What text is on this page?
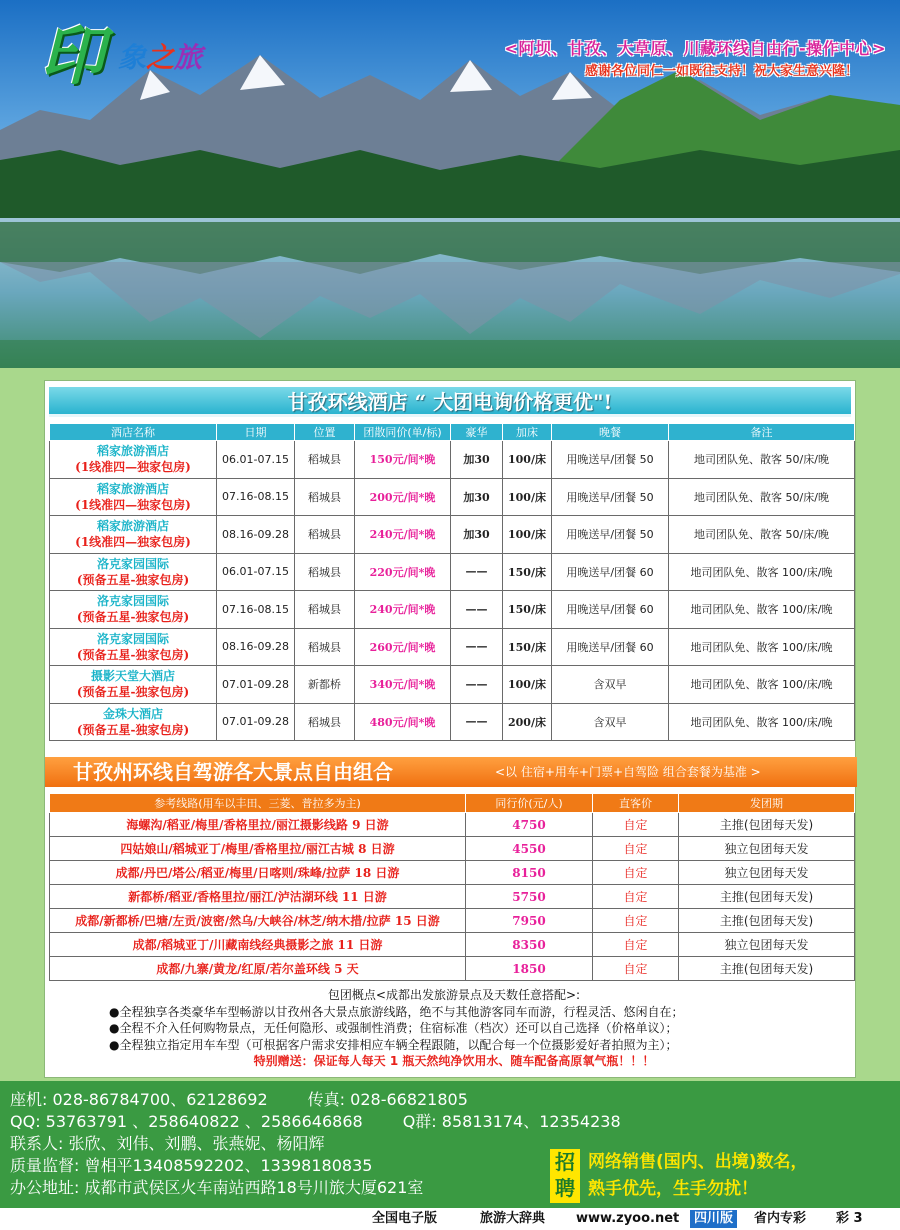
印 象之旅	<阿坝、甘孜、大草原、川藏环线自由行-操作中心>
感谢各位同仁一如既往支持！祝大家生意兴隆！
甘孜环线酒店 “ 大团电询价格更优"!
酒店名称	日期	位置	团散同价(单/标)	豪华	加床	晚餐	备注

稻家旅游酒店
(1线准四—独家包房)	06.01-07.15	稻城县	150元/间*晚	加30	100/床	用晚送早/团餐 50	地司团队免、散客 50/床/晚

稻家旅游酒店
(1线准四—独家包房)	07.16-08.15	稻城县	200元/间*晚	加30	100/床	用晚送早/团餐 50	地司团队免、散客 50/床/晚

稻家旅游酒店
(1线准四—独家包房)	08.16-09.28	稻城县	240元/间*晚	加30	100/床	用晚送早/团餐 50	地司团队免、散客 50/床/晚

洛克家园国际
(预备五星-独家包房)	06.01-07.15	稻城县	220元/间*晚	——	150/床	用晚送早/团餐 60	地司团队免、散客 100/床/晚

洛克家园国际
(预备五星-独家包房)	07.16-08.15	稻城县	240元/间*晚	——	150/床	用晚送早/团餐 60	地司团队免、散客 100/床/晚

洛克家园国际
(预备五星-独家包房)	08.16-09.28	稻城县	260元/间*晚	——	150/床	用晚送早/团餐 60	地司团队免、散客 100/床/晚

摄影天堂大酒店
(预备五星-独家包房)	07.01-09.28	新都桥	340元/间*晚	——	100/床	含双早	地司团队免、散客 100/床/晚

金珠大酒店
(预备五星-独家包房)	07.01-09.28	稻城县	480元/间*晚	——	200/床	含双早	地司团队免、散客 100/床/晚
甘孜州环线自驾游各大景点自由组合	<以 住宿+用车+门票+自驾险 组合套餐为基准 >
参考线路(用车以丰田、三菱、普拉多为主)	同行价(元/人)	直客价	发团期
海螺沟/稻亚/梅里/香格里拉/丽江摄影线路 9 日游	4750	自定	主推(包团每天发)
四姑娘山/稻城亚丁/梅里/香格里拉/丽江古城 8 日游	4550	自定	独立包团每天发
成都/丹巴/塔公/稻亚/梅里/日喀则/珠峰/拉萨 18 日游	8150	自定	独立包团每天发
新都桥/稻亚/香格里拉/丽江/泸沽湖环线 11 日游	5750	自定	主推(包团每天发)
成都/新都桥/巴塘/左贡/波密/然乌/大峡谷/林芝/纳木措/拉萨 15 日游	7950	自定	主推(包团每天发)
成都/稻城亚丁/川藏南线经典摄影之旅 11 日游	8350	自定	独立包团每天发
成都/九寨/黄龙/红原/若尔盖环线 5 天	1850	自定	主推(包团每天发)
包团概点<成都出发旅游景点及天数任意搭配>:
●全程独享各类豪华车型畅游以甘孜州各大景点旅游线路，绝不与其他游客同车而游，行程灵活、悠闲自在；
●全程不介入任何购物景点，无任何隐形、或强制性消费；住宿标准（档次）还可以自己选择（价格单议）；
●全程独立指定用车车型（可根据客户需求安排相应车辆全程跟随，以配合每一个位摄影爱好者拍照为主）；
特别赠送：保证每人每天 1 瓶天然纯净饮用水、随车配备高原氧气瓶！！！
座机: 028-86784700、62128692	传真: 028-66821805
QQ: 53763791 、258640822 、2586646868	Q群: 85813174、12354238
联系人: 张欣、刘伟、刘鹏、张燕妮、杨阳辉
质量监督: 曾相平13408592202、13398180835
办公地址: 成都市武侯区火车南站西路18号川旅大厦621室
招
聘
网络销售(国内、出境)数名，
熟手优先，生手勿扰！
全国电子版	旅游大辞典 www.zyoo.net	四川版	省内专彩 彩 3
